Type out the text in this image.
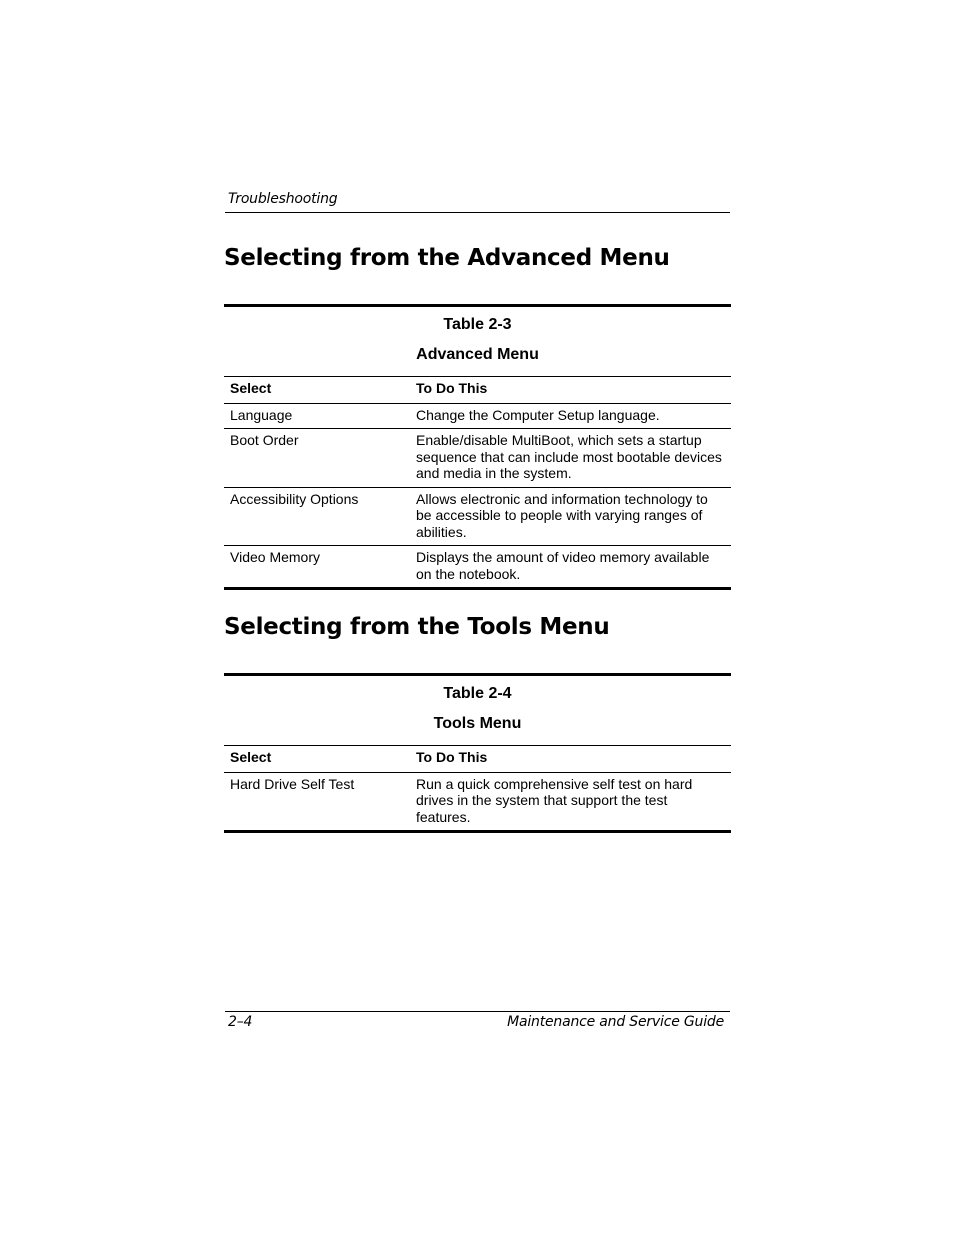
Troubleshooting
Selecting from the Advanced Menu
Table 2-3
Advanced Menu
Select	To Do This
Language	Change the Computer Setup language.
Boot Order	Enable/disable MultiBoot, which sets a startup sequence that can include most bootable devices and media in the system.
Accessibility Options	Allows electronic and information technology to be accessible to people with varying ranges of abilities.
Video Memory	Displays the amount of video memory available on the notebook.
Selecting from the Tools Menu
Table 2-4
Tools Menu
Select	To Do This
Hard Drive Self Test	Run a quick comprehensive self test on hard drives in the system that support the test features.
2–4	Maintenance and Service Guide
